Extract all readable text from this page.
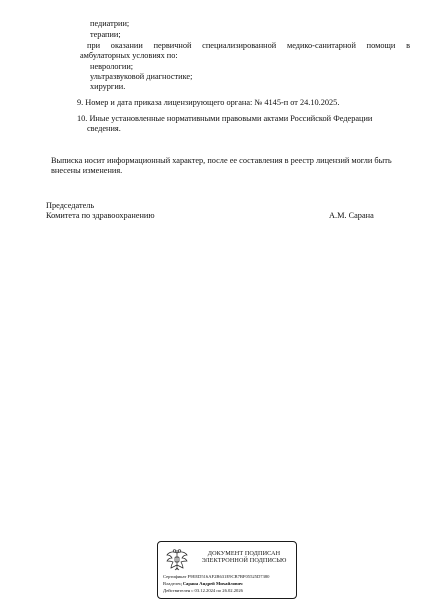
педиатрии;
терапии;
при оказании первичной специализированной медико-санитарной помощи в амбулаторных условиях по:
неврологии;
ультразвуковой диагностике;
хирургии.
9. Номер и дата приказа лицензирующего органа: № 4145-п от 24.10.2025.
10. Иные установленные нормативными правовыми актами Российской Федерации сведения.
Выписка носит информационный характер, после ее составления в реестр лицензий могли быть внесены изменения.
Председатель
Комитета по здравоохранению	А.М. Сарана
ДОКУМЕНТ ПОДПИСАН
ЭЛЕКТРОННОЙ ПОДПИСЬЮ
Сертификат F9EED516AF2B631E9CB7BF05525D7380
Владелец Сарана Андрей Михайлович
Действителен с 03.12.2024 по 26.02.2026
